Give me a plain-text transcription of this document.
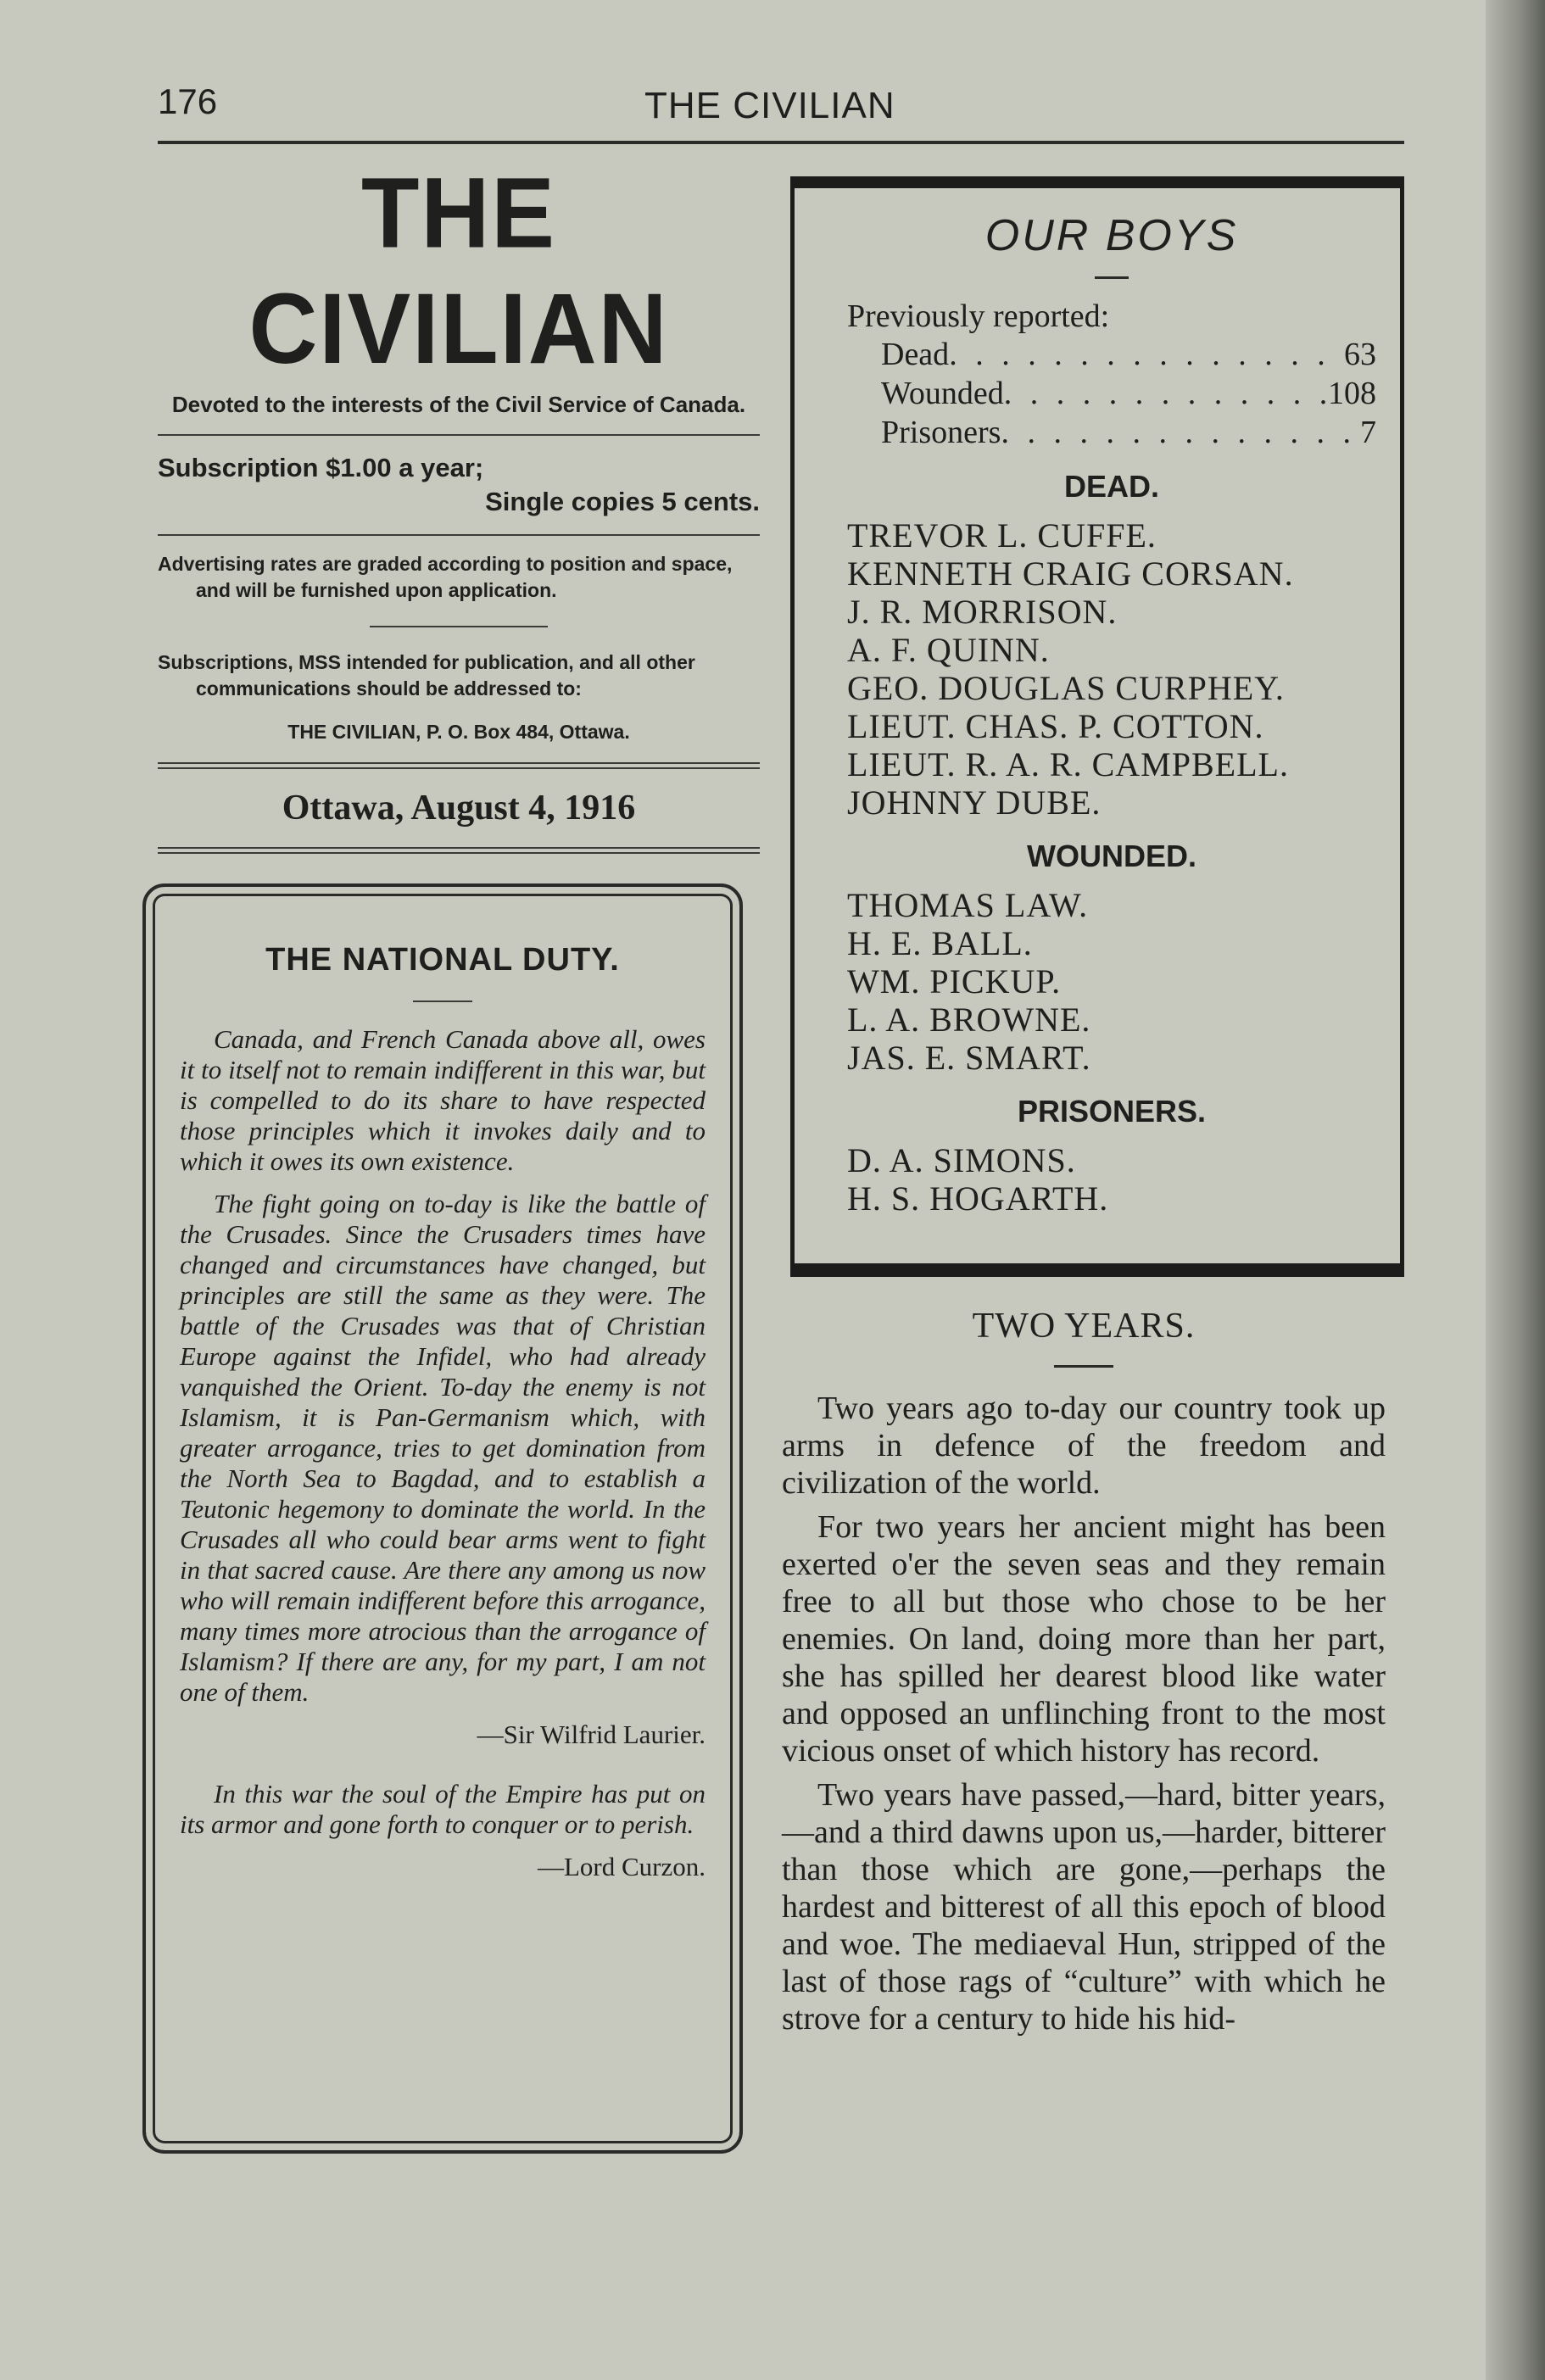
176	THE CIVILIAN
THE CIVILIAN
Devoted to the interests of the Civil Service of Canada.
Subscription $1.00 a year;
Single copies 5 cents.
Advertising rates are graded according to position and space, and will be furnished upon application.
Subscriptions, MSS intended for publication, and all other communications should be addressed to:
THE CIVILIAN, P. O. Box 484, Ottawa.
Ottawa, August 4, 1916
THE NATIONAL DUTY.

Canada, and French Canada above all, owes it to itself not to remain indifferent in this war, but is compelled to do its share to have respected those principles which it invokes daily and to which it owes its own existence.

The fight going on to-day is like the battle of the Crusades. Since the Crusaders times have changed and circumstances have changed, but principles are still the same as they were. The battle of the Crusades was that of Christian Europe against the Infidel, who had already vanquished the Orient. To-day the enemy is not Islamism, it is Pan-Germanism which, with greater arrogance, tries to get domination from the North Sea to Bagdad, and to establish a Teutonic hegemony to dominate the world. In the Crusades all who could bear arms went to fight in that sacred cause. Are there any among us now who will remain indifferent before this arrogance, many times more atrocious than the arrogance of Islamism? If there are any, for my part, I am not one of them.

—Sir Wilfrid Laurier.

In this war the soul of the Empire has put on its armor and gone forth to conquer or to perish.

—Lord Curzon.
OUR BOYS
Previously reported:
Dead . . .	63
Wounded . . .	108
Prisoners . . .	7
DEAD.
TREVOR L. CUFFE.
KENNETH CRAIG CORSAN.
J. R. MORRISON.
A. F. QUINN.
GEO. DOUGLAS CURPHEY.
LIEUT. CHAS. P. COTTON.
LIEUT. R. A. R. CAMPBELL.
JOHNNY DUBE.
WOUNDED.
THOMAS LAW.
H. E. BALL.
WM. PICKUP.
L. A. BROWNE.
JAS. E. SMART.
PRISONERS.
D. A. SIMONS.
H. S. HOGARTH.
TWO YEARS.

Two years ago to-day our country took up arms in defence of the freedom and civilization of the world.

For two years her ancient might has been exerted o'er the seven seas and they remain free to all but those who chose to be her enemies. On land, doing more than her part, she has spilled her dearest blood like water and opposed an unflinching front to the most vicious onset of which history has record.

Two years have passed,—hard, bitter years,—and a third dawns upon us,—harder, bitterer than those which are gone,—perhaps the hardest and bitterest of all this epoch of blood and woe. The mediaeval Hun, stripped of the last of those rags of “culture” with which he strove for a century to hide his hid-
